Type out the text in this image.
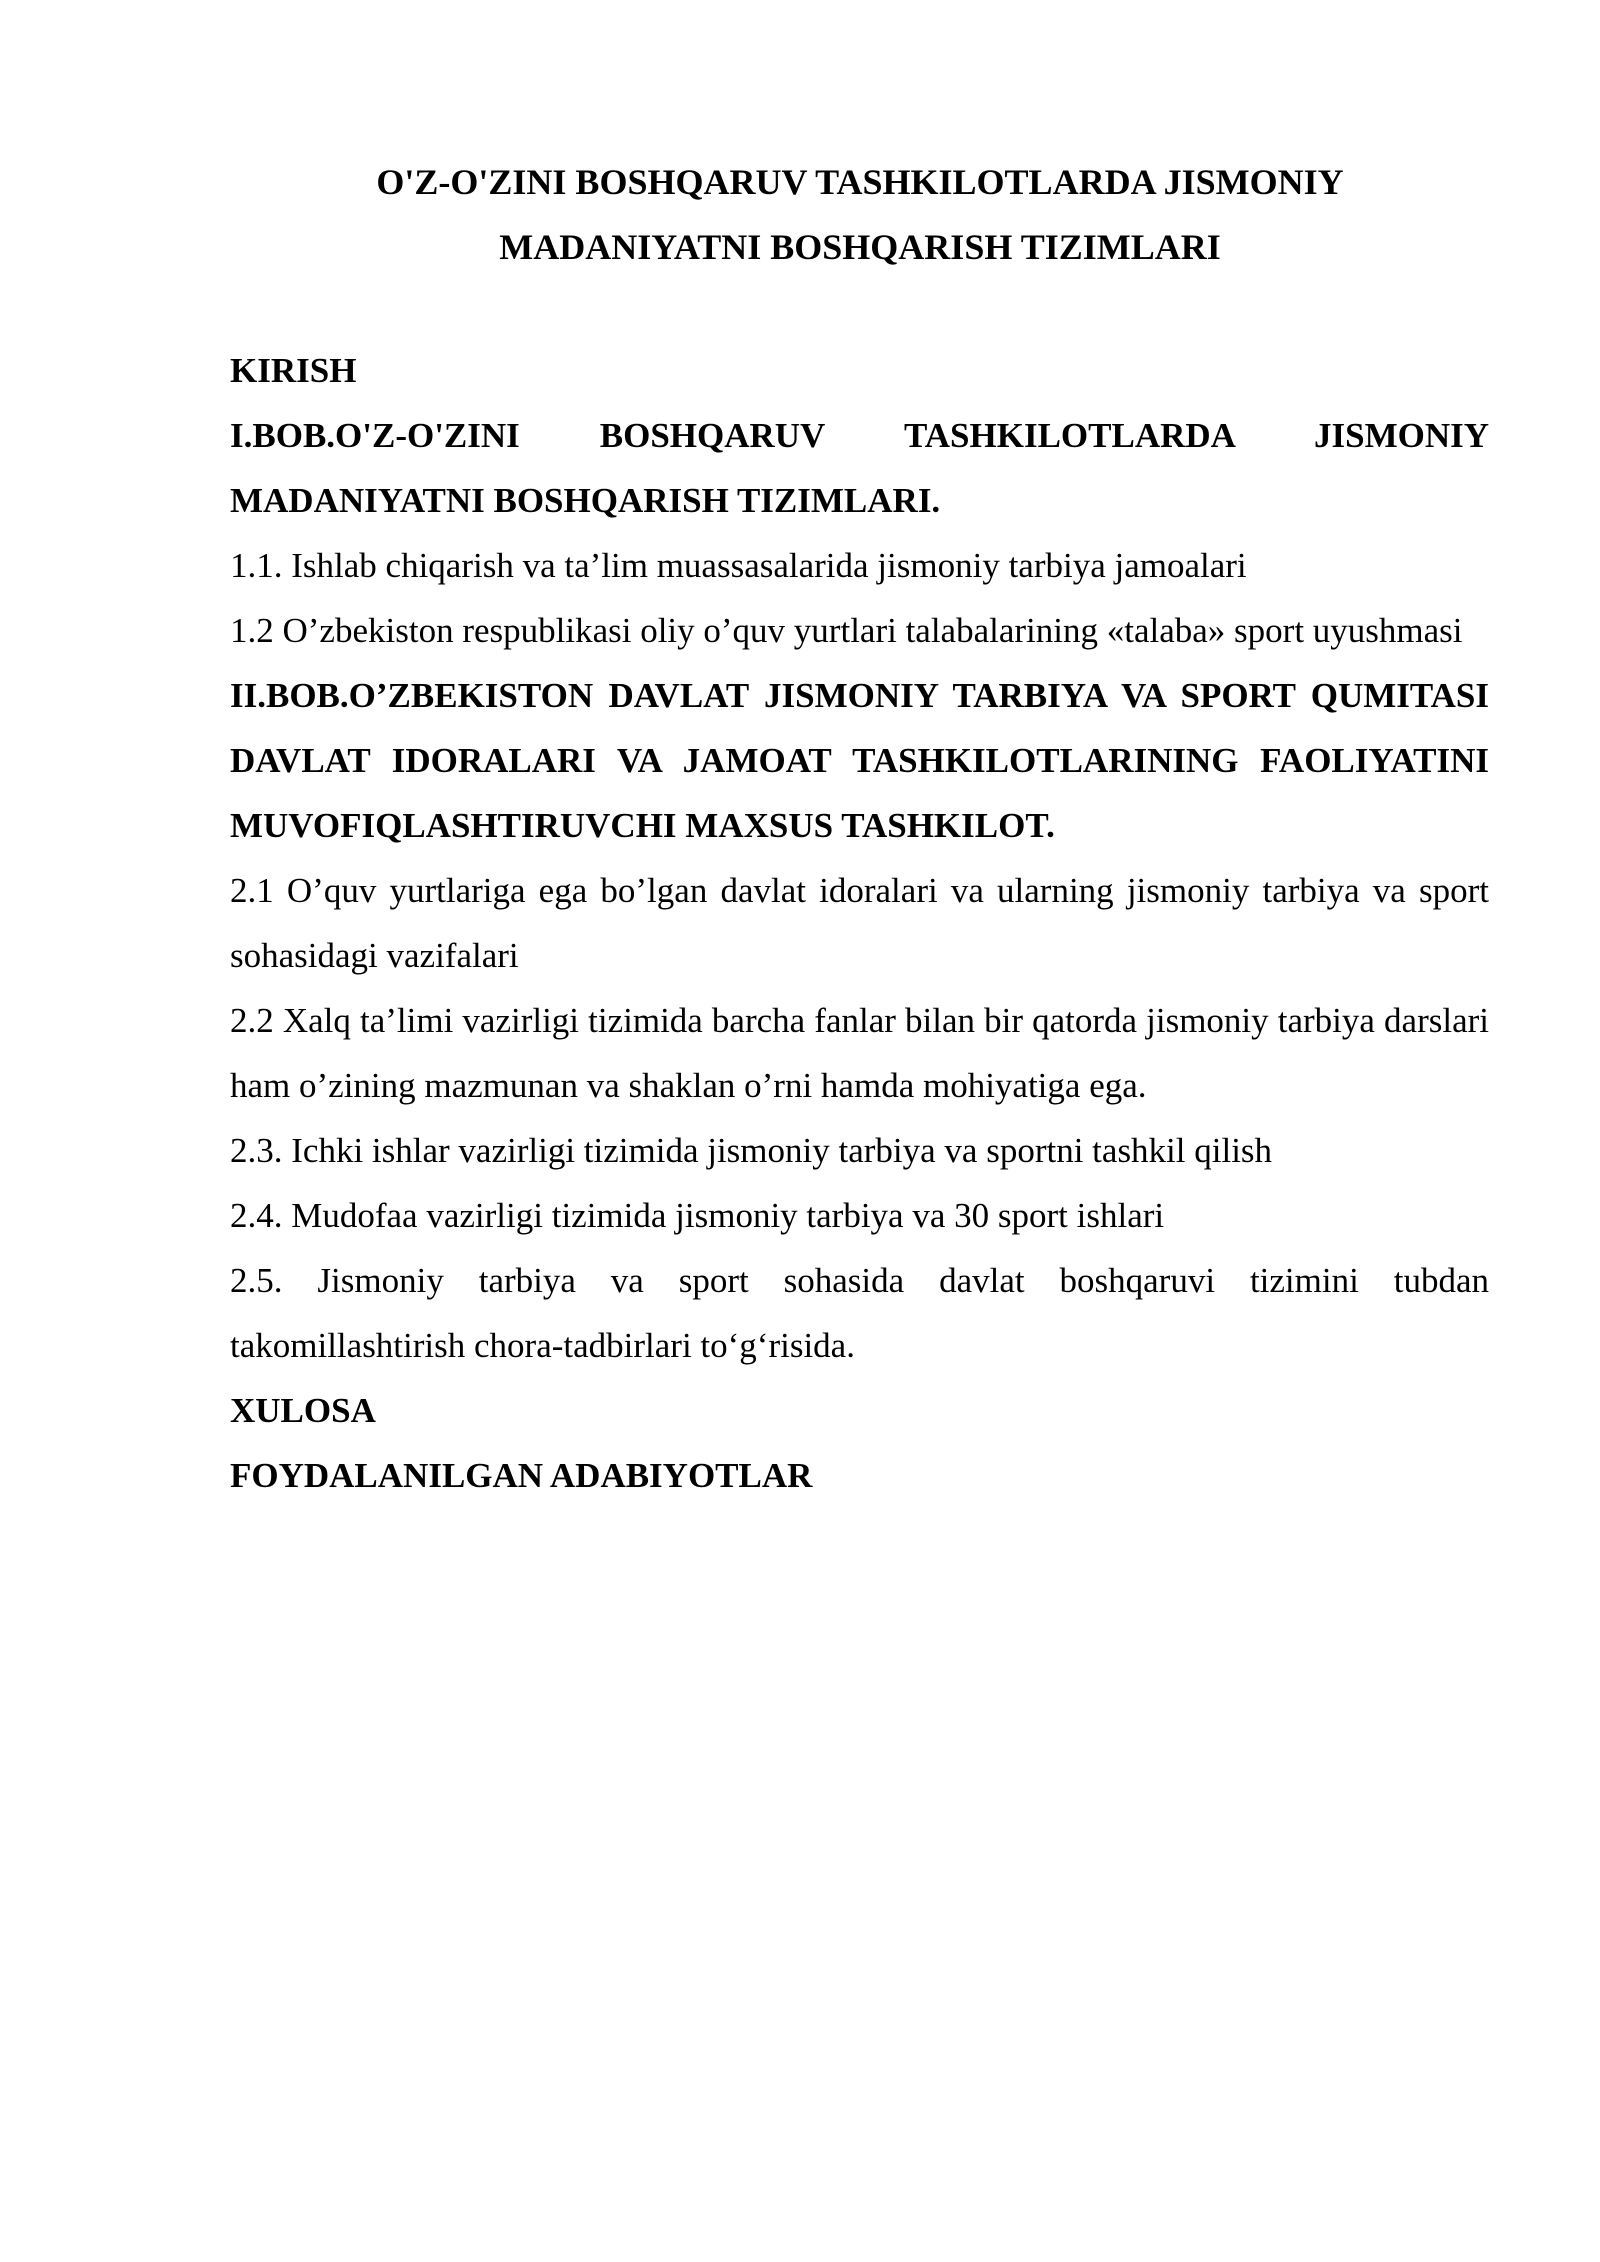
O'Z-O'ZINI BOSHQARUV TASHKILOTLARDA JISMONIY
MADANIYATNI BOSHQARISH TIZIMLARI

KIRISH

I.BOB.O'Z-O'ZINI BOSHQARUV TASHKILOTLARDA JISMONIY MADANIYATNI BOSHQARISH TIZIMLARI.

1.1. Ishlab chiqarish va ta’lim muassasalarida jismoniy tarbiya jamoalari

1.2 O’zbekiston respublikasi oliy o’quv yurtlari talabalarining «talaba» sport uyushmasi

II.BOB.O’ZBEKISTON DAVLAT JISMONIY TARBIYA VA SPORT QUMITASI DAVLAT IDORALARI VA JAMOAT TASHKILOTLARINING FAOLIYATINI MUVOFIQLASHTIRUVCHI MAXSUS TASHKILOT.

2.1 O’quv yurtlariga ega bo’lgan davlat idoralari va ularning jismoniy tarbiya va sport sohasidagi vazifalari

2.2 Xalq ta’limi vazirligi tizimida barcha fanlar bilan bir qatorda jismoniy tarbiya darslari ham o’zining mazmunan va shaklan o’rni hamda mohiyatiga ega.

2.3. Ichki ishlar vazirligi tizimida jismoniy tarbiya va sportni tashkil qilish

2.4. Mudofaa vazirligi tizimida jismoniy tarbiya va 30 sport ishlari

2.5. Jismoniy tarbiya va sport sohasida davlat boshqaruvi tizimini tubdan takomillashtirish chora-tadbirlari to‘g‘risida.

XULOSA

FOYDALANILGAN ADABIYOTLAR
